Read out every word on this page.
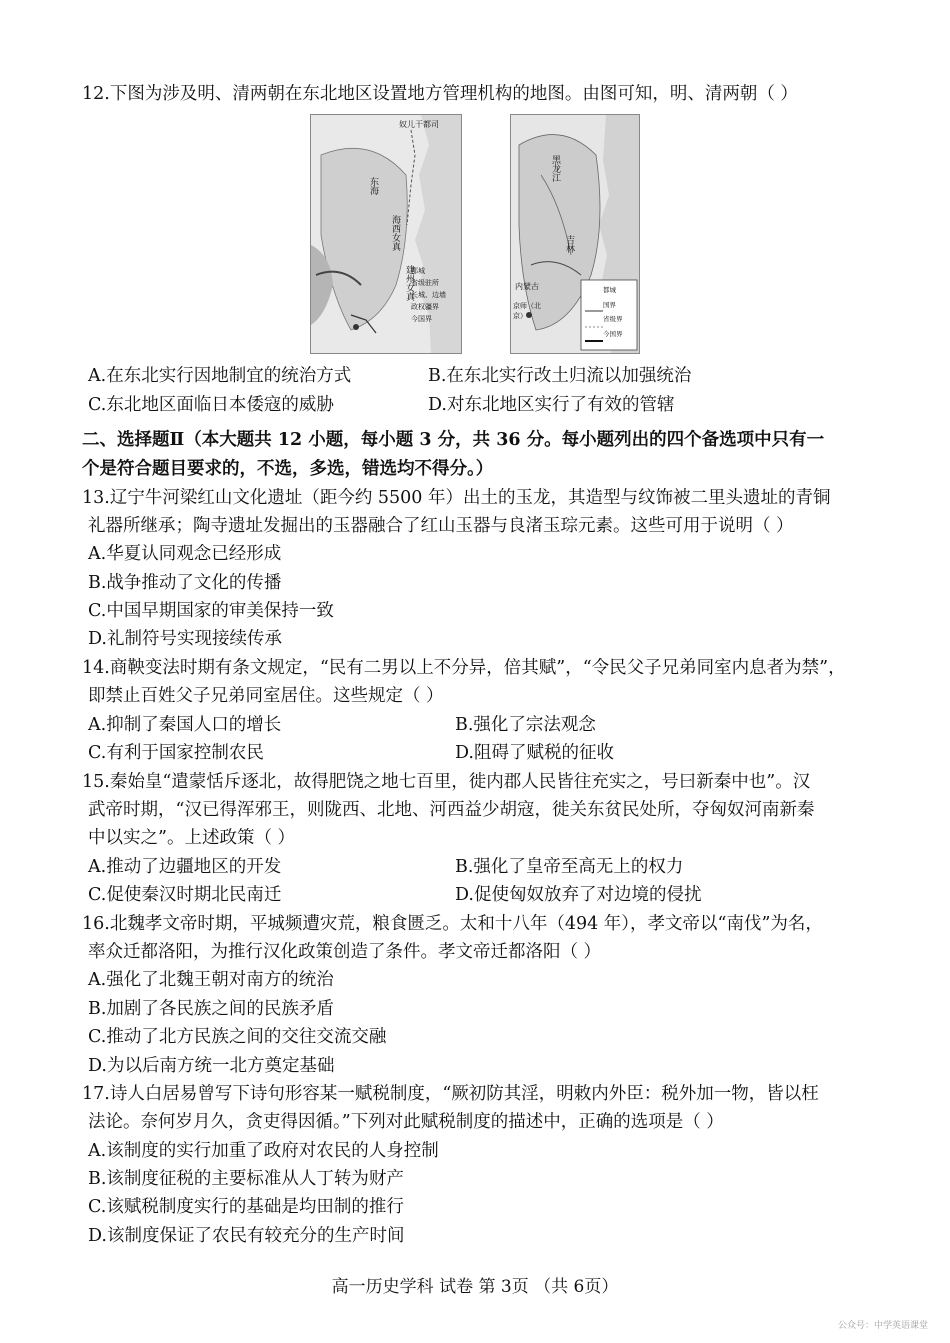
12.下图为涉及明、清两朝在东北地区设置地方管理机构的地图。由图可知，明、清两朝（ ）
奴儿干都司
东海
海西女真
建州女真
都城
省级驻所
长城、边墙
政权疆界
今国界
黑龙江
吉林
内蒙古
京师（北京）
都城
国界
省级界
今国界
A.在东北实行因地制宜的统治方式	B.在东北实行改土归流以加强统治
C.东北地区面临日本倭寇的威胁	D.对东北地区实行了有效的管辖
二、选择题Ⅱ（本大题共 12 小题，每小题 3 分，共 36 分。每小题列出的四个备选项中只有一
个是符合题目要求的，不选，多选，错选均不得分。）
13.辽宁牛河梁红山文化遗址（距今约 5500 年）出土的玉龙，其造型与纹饰被二里头遗址的青铜
礼器所继承；陶寺遗址发掘出的玉器融合了红山玉器与良渚玉琮元素。这些可用于说明（ ）
A.华夏认同观念已经形成
B.战争推动了文化的传播
C.中国早期国家的审美保持一致
D.礼制符号实现接续传承
14.商鞅变法时期有条文规定，“民有二男以上不分异，倍其赋”，“令民父子兄弟同室内息者为禁”，
即禁止百姓父子兄弟同室居住。这些规定（ ）
A.抑制了秦国人口的增长	B.强化了宗法观念
C.有利于国家控制农民	D.阻碍了赋税的征收
15.秦始皇“遣蒙恬斥逐北，故得肥饶之地七百里，徙内郡人民皆往充实之，号曰新秦中也”。汉
武帝时期，“汉已得浑邪王，则陇西、北地、河西益少胡寇，徙关东贫民处所，夺匈奴河南新秦
中以实之”。上述政策（ ）
A.推动了边疆地区的开发	B.强化了皇帝至高无上的权力
C.促使秦汉时期北民南迁	D.促使匈奴放弃了对边境的侵扰
16.北魏孝文帝时期，平城频遭灾荒，粮食匮乏。太和十八年（494 年），孝文帝以“南伐”为名，
率众迁都洛阳，为推行汉化政策创造了条件。孝文帝迁都洛阳（ ）
A.强化了北魏王朝对南方的统治
B.加剧了各民族之间的民族矛盾
C.推动了北方民族之间的交往交流交融
D.为以后南方统一北方奠定基础
17.诗人白居易曾写下诗句形容某一赋税制度，“厥初防其淫，明敕内外臣：税外加一物，皆以枉
法论。奈何岁月久，贪吏得因循。”下列对此赋税制度的描述中，正确的选项是（ ）
A.该制度的实行加重了政府对农民的人身控制
B.该制度征税的主要标准从人丁转为财产
C.该赋税制度实行的基础是均田制的推行
D.该制度保证了农民有较充分的生产时间
高一历史学科 试卷 第 3页 （共 6页）
公众号：中学英语课堂
